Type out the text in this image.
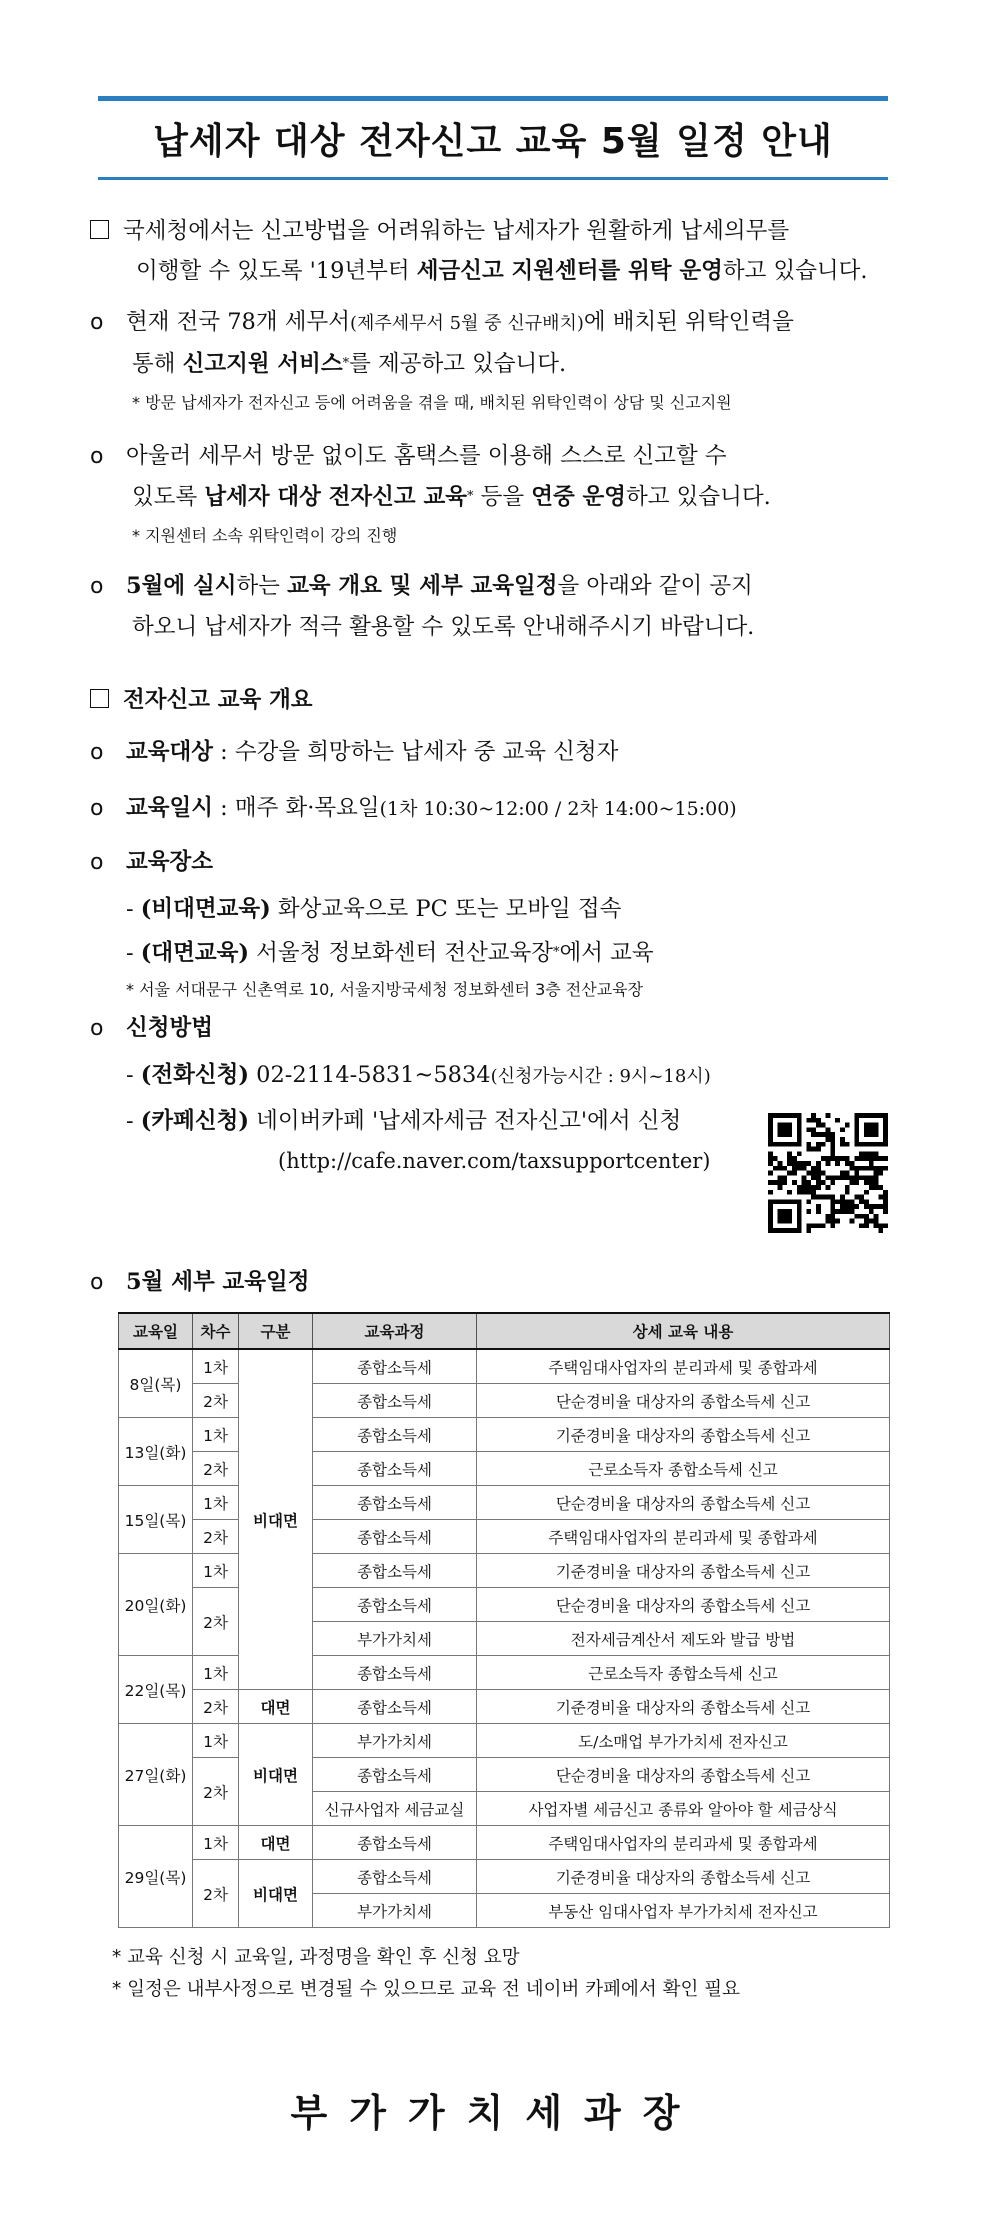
납세자 대상 전자신고 교육 5월 일정 안내
국세청에서는 신고방법을 어려워하는 납세자가 원활하게 납세의무를
이행할 수 있도록 '19년부터 세금신고 지원센터를 위탁 운영하고 있습니다.
o 현재 전국 78개 세무서(제주세무서 5월 중 신규배치)에 배치된 위탁인력을
통해 신고지원 서비스*를 제공하고 있습니다.
* 방문 납세자가 전자신고 등에 어려움을 겪을 때, 배치된 위탁인력이 상담 및 신고지원
o 아울러 세무서 방문 없이도 홈택스를 이용해 스스로 신고할 수
있도록 납세자 대상 전자신고 교육* 등을 연중 운영하고 있습니다.
* 지원센터 소속 위탁인력이 강의 진행
o 5월에 실시하는 교육 개요 및 세부 교육일정을 아래와 같이 공지
하오니 납세자가 적극 활용할 수 있도록 안내해주시기 바랍니다.
전자신고 교육 개요
o 교육대상 : 수강을 희망하는 납세자 중 교육 신청자
o 교육일시 : 매주 화·목요일(1차 10:30~12:00 / 2차 14:00~15:00)
o 교육장소
- (비대면교육) 화상교육으로 PC 또는 모바일 접속
- (대면교육) 서울청 정보화센터 전산교육장*에서 교육
* 서울 서대문구 신촌역로 10, 서울지방국세청 정보화센터 3층 전산교육장
o 신청방법
- (전화신청) 02-2114-5831~5834(신청가능시간 : 9시~18시)
- (카페신청) 네이버카페 '납세자세금 전자신고'에서 신청
(http://cafe.naver.com/taxsupportcenter)
o 5월 세부 교육일정
교육일	차수	구분	교육과정	상세 교육 내용
8일(목)	1차	비대면	종합소득세	주택임대사업자의 분리과세 및 종합과세
	2차		종합소득세	단순경비율 대상자의 종합소득세 신고
13일(화)	1차		종합소득세	기준경비율 대상자의 종합소득세 신고
	2차		종합소득세	근로소득자 종합소득세 신고
15일(목)	1차		종합소득세	단순경비율 대상자의 종합소득세 신고
	2차		종합소득세	주택임대사업자의 분리과세 및 종합과세
20일(화)	1차		종합소득세	기준경비율 대상자의 종합소득세 신고
	2차		종합소득세	단순경비율 대상자의 종합소득세 신고
			부가가치세	전자세금계산서 제도와 발급 방법
22일(목)	1차		종합소득세	근로소득자 종합소득세 신고
	2차	대면	종합소득세	기준경비율 대상자의 종합소득세 신고
27일(화)	1차	비대면	부가가치세	도/소매업 부가가치세 전자신고
	2차		종합소득세	단순경비율 대상자의 종합소득세 신고
			신규사업자 세금교실	사업자별 세금신고 종류와 알아야 할 세금상식
29일(목)	1차	대면	종합소득세	주택임대사업자의 분리과세 및 종합과세
	2차	비대면	종합소득세	기준경비율 대상자의 종합소득세 신고
			부가가치세	부동산 임대사업자 부가가치세 전자신고
* 교육 신청 시 교육일, 과정명을 확인 후 신청 요망
* 일정은 내부사정으로 변경될 수 있으므로 교육 전 네이버 카페에서 확인 필요
부가가치세과장
